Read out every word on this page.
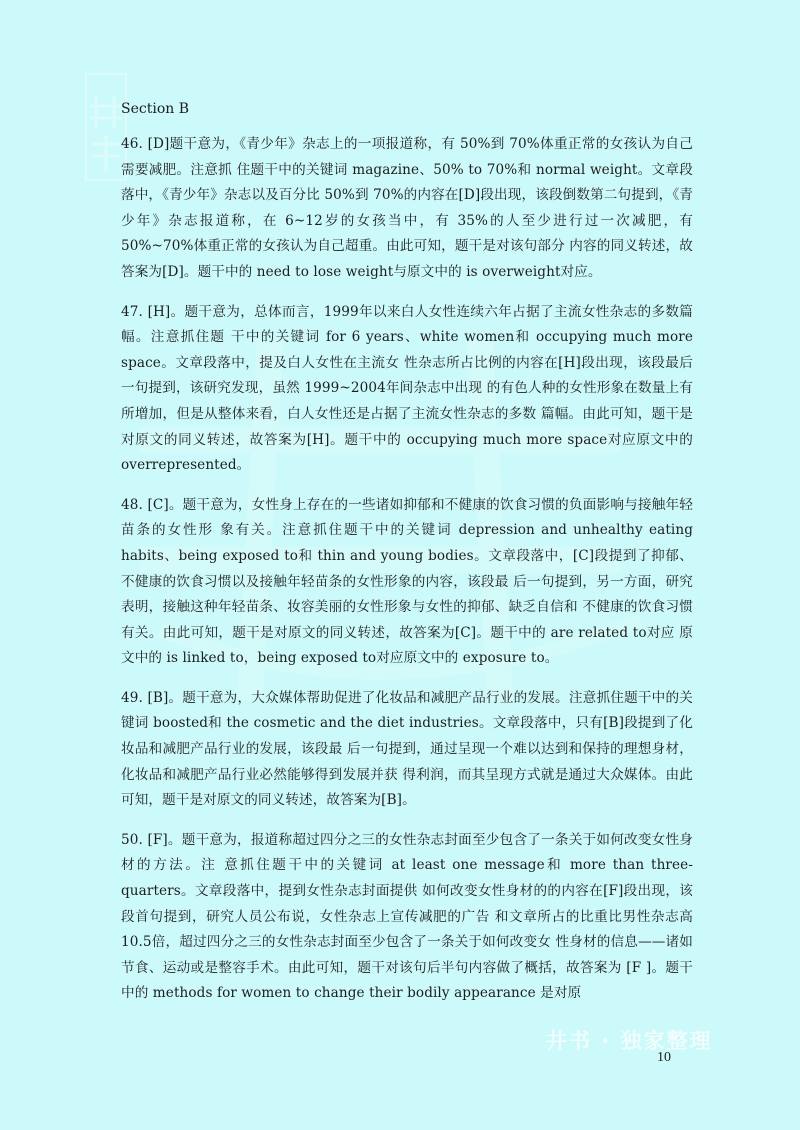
井书 · 独家整理
Section B

46. [D]题干意为，《青少年》杂志上的一项报道称，有 50%到 70%体重正常的女孩认为自己需要减肥。注意抓 住题干中的关键词 magazine、50% to 70%和 normal weight。文章段落中，《青少年》杂志以及百分比 50%到 70%的内容在[D]段出现，该段倒数第二句提到，《青少年》杂志报道称，在 6~12岁的女孩当中，有 35%的人至少进行过一次减肥，有 50%~70%体重正常的女孩认为自己超重。由此可知，题干是对该句部分 内容的同义转述，故答案为[D]。题干中的 need to lose weight与原文中的 is overweight对应。

47. [H]。题干意为，总体而言，1999年以来白人女性连续六年占据了主流女性杂志的多数篇幅。注意抓住题 干中的关键词 for 6 years、white women和 occupying much more space。文章段落中，提及白人女性在主流女 性杂志所占比例的内容在[H]段出现，该段最后一句提到，该研究发现，虽然 1999~2004年间杂志中出现 的有色人种的女性形象在数量上有所增加，但是从整体来看，白人女性还是占据了主流女性杂志的多数 篇幅。由此可知，题干是对原文的同义转述，故答案为[H]。题干中的 occupying much more space对应原文中的 overrepresented。

48. [C]。题干意为，女性身上存在的一些诸如抑郁和不健康的饮食习惯的负面影响与接触年轻苗条的女性形 象有关。注意抓住题干中的关键词 depression and unhealthy eating habits、being exposed to和 thin and young bodies。文章段落中，[C]段提到了抑郁、不健康的饮食习惯以及接触年轻苗条的女性形象的内容，该段最 后一句提到，另一方面，研究表明，接触这种年轻苗条、妆容美丽的女性形象与女性的抑郁、缺乏自信和 不健康的饮食习惯有关。由此可知，题干是对原文的同义转述，故答案为[C]。题干中的 are related to对应 原文中的 is linked to，being exposed to对应原文中的 exposure to。

49. [B]。题干意为，大众媒体帮助促进了化妆品和减肥产品行业的发展。注意抓住题干中的关键词 boosted和 the cosmetic and the diet industries。文章段落中，只有[B]段提到了化妆品和减肥产品行业的发展，该段最 后一句提到，通过呈现一个难以达到和保持的理想身材，化妆品和减肥产品行业必然能够得到发展并获 得利润，而其呈现方式就是通过大众媒体。由此可知，题干是对原文的同义转述，故答案为[B]。

50. [F]。题干意为，报道称超过四分之三的女性杂志封面至少包含了一条关于如何改变女性身材的方法。注 意抓住题干中的关键词 at least one message和 more than three-quarters。文章段落中，提到女性杂志封面提供 如何改变女性身材的的内容在[F]段出现，该段首句提到，研究人员公布说，女性杂志上宣传减肥的广告 和文章所占的比重比男性杂志高 10.5倍，超过四分之三的女性杂志封面至少包含了一条关于如何改变女 性身材的信息——诸如节食、运动或是整容手术。由此可知，题干对该句后半句内容做了概括，故答案为 [F ]。题干中的 methods for women to change their bodily appearance 是对原

10
